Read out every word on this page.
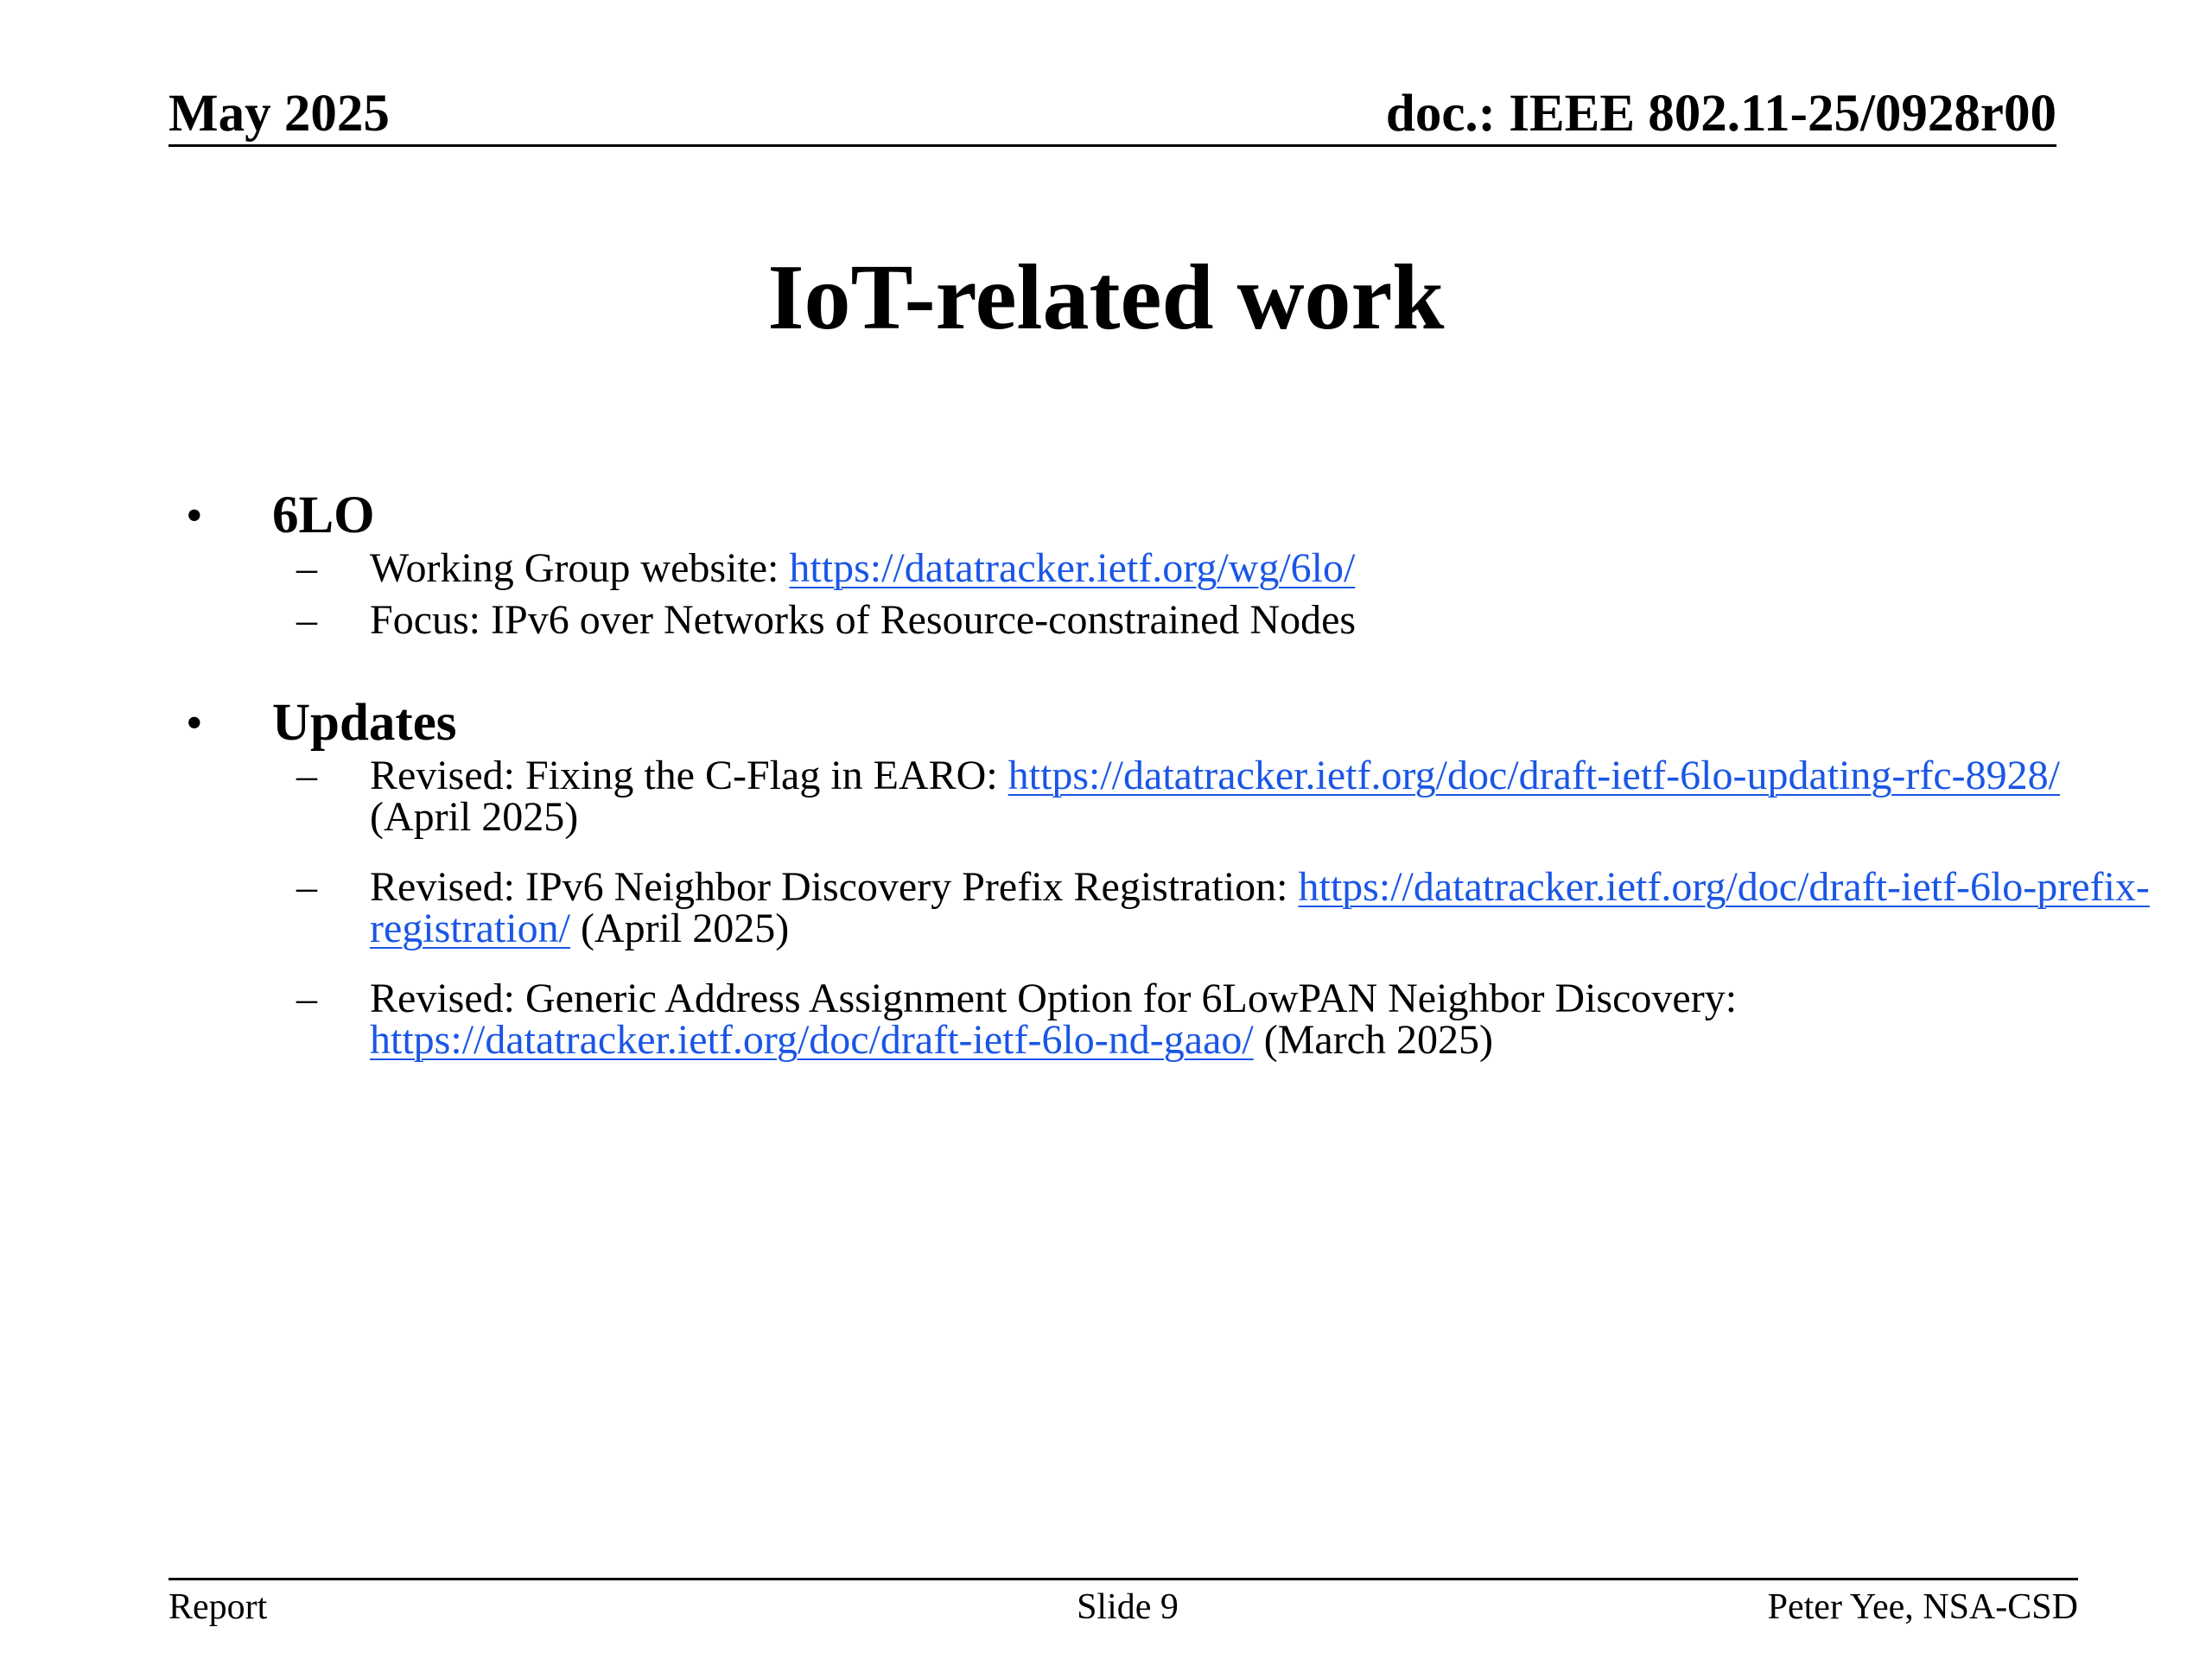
May 2025	doc.: IEEE 802.11-25/0928r00
IoT-related work
• 6LO
– Working Group website: https://datatracker.ietf.org/wg/6lo/
– Focus: IPv6 over Networks of Resource-constrained Nodes
• Updates
– Revised: Fixing the C-Flag in EARO: https://datatracker.ietf.org/doc/draft-ietf-6lo-updating-rfc-8928/ (April 2025)
– Revised: IPv6 Neighbor Discovery Prefix Registration: https://datatracker.ietf.org/doc/draft-ietf-6lo-prefix-registration/ (April 2025)
– Revised: Generic Address Assignment Option for 6LowPAN Neighbor Discovery: https://datatracker.ietf.org/doc/draft-ietf-6lo-nd-gaao/ (March 2025)
Report	Slide 9	Peter Yee, NSA-CSD
